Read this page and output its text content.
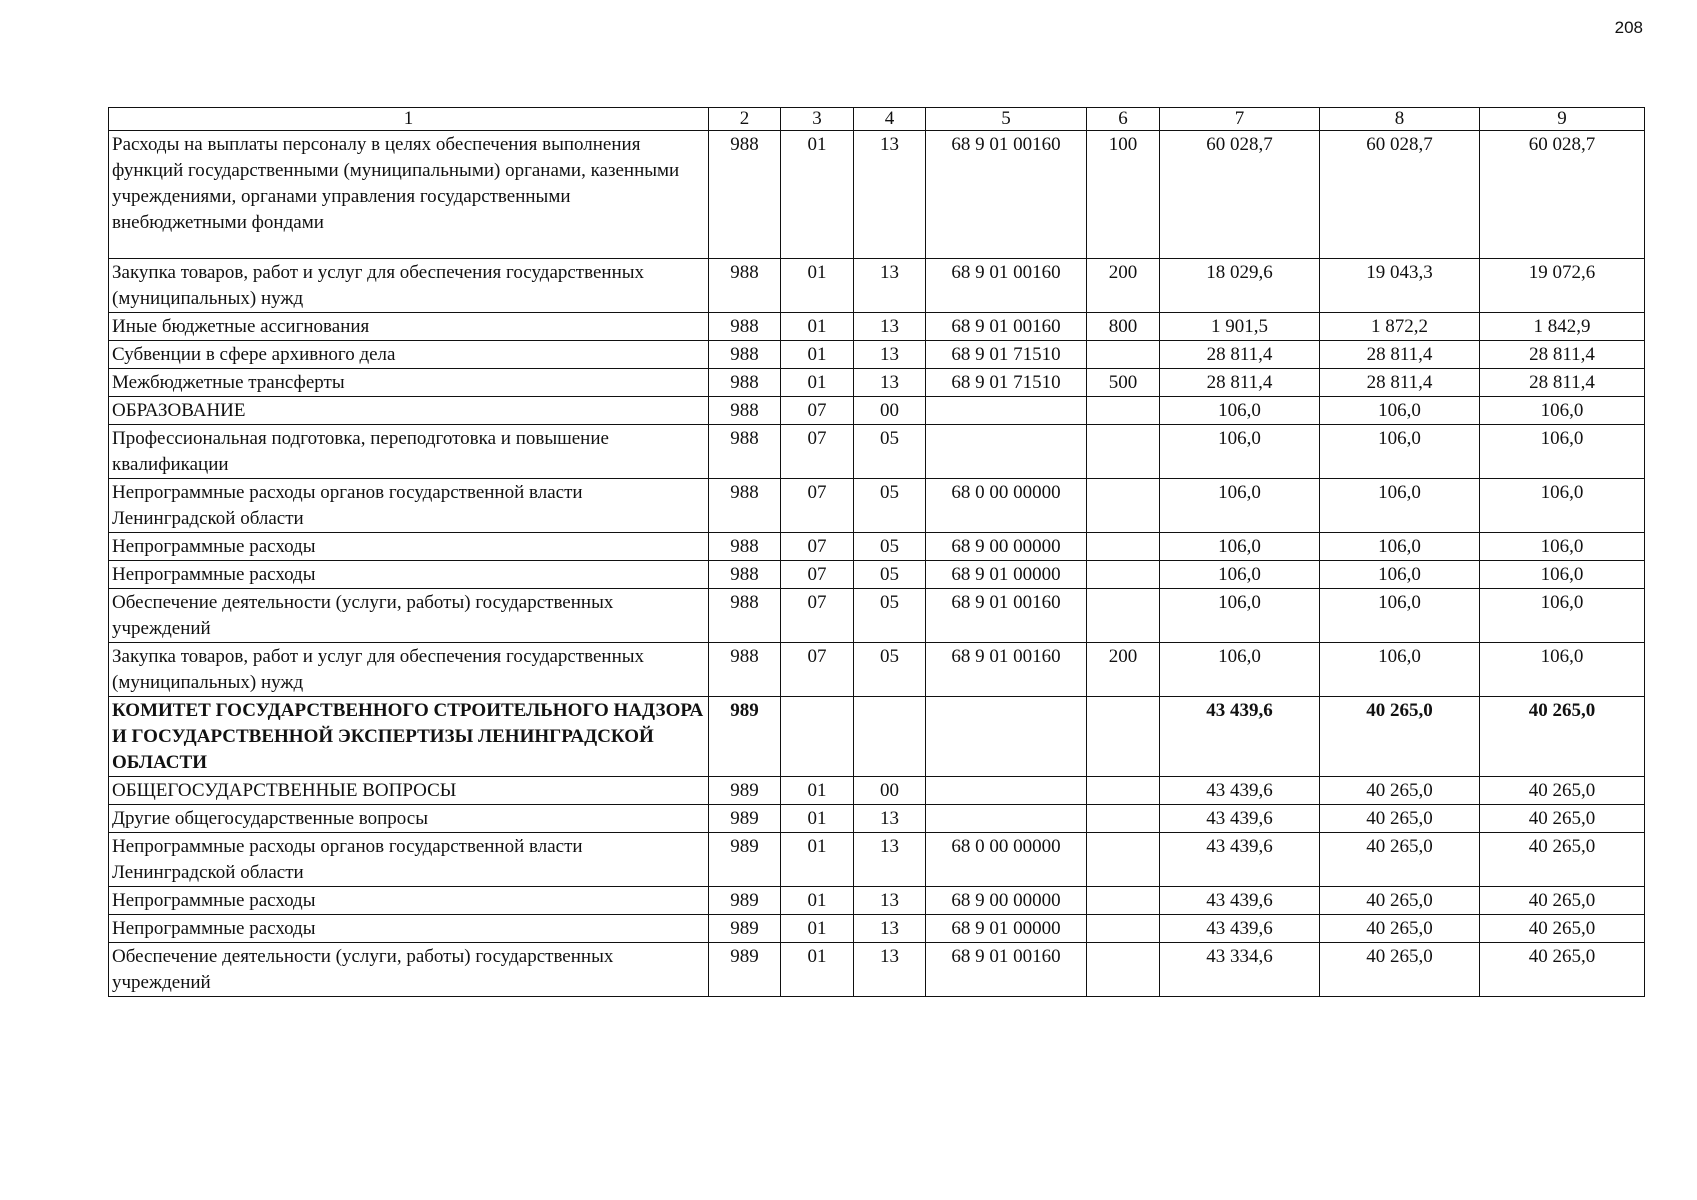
208
1	2	3	4	5	6	7	8	9
Расходы на выплаты персоналу в целях обеспечения выполнения функций государственными (муниципальными) органами, казенными учреждениями, органами управления государственными внебюджетными фондами	988	01	13	68 9 01 00160	100	60 028,7	60 028,7	60 028,7
Закупка товаров, работ и услуг для обеспечения государственных (муниципальных) нужд	988	01	13	68 9 01 00160	200	18 029,6	19 043,3	19 072,6
Иные бюджетные ассигнования	988	01	13	68 9 01 00160	800	1 901,5	1 872,2	1 842,9
Субвенции в сфере архивного дела	988	01	13	68 9 01 71510		28 811,4	28 811,4	28 811,4
Межбюджетные трансферты	988	01	13	68 9 01 71510	500	28 811,4	28 811,4	28 811,4
ОБРАЗОВАНИЕ	988	07	00			106,0	106,0	106,0
Профессиональная подготовка, переподготовка и повышение квалификации	988	07	05			106,0	106,0	106,0
Непрограммные расходы органов государственной власти Ленинградской области	988	07	05	68 0 00 00000		106,0	106,0	106,0
Непрограммные расходы	988	07	05	68 9 00 00000		106,0	106,0	106,0
Непрограммные расходы	988	07	05	68 9 01 00000		106,0	106,0	106,0
Обеспечение деятельности (услуги, работы) государственных учреждений	988	07	05	68 9 01 00160		106,0	106,0	106,0
Закупка товаров, работ и услуг для обеспечения государственных (муниципальных) нужд	988	07	05	68 9 01 00160	200	106,0	106,0	106,0
КОМИТЕТ ГОСУДАРСТВЕННОГО СТРОИТЕЛЬНОГО НАДЗОРА И ГОСУДАРСТВЕННОЙ ЭКСПЕРТИЗЫ ЛЕНИНГРАДСКОЙ ОБЛАСТИ	989					43 439,6	40 265,0	40 265,0
ОБЩЕГОСУДАРСТВЕННЫЕ ВОПРОСЫ	989	01	00			43 439,6	40 265,0	40 265,0
Другие общегосударственные вопросы	989	01	13			43 439,6	40 265,0	40 265,0
Непрограммные расходы органов государственной власти Ленинградской области	989	01	13	68 0 00 00000		43 439,6	40 265,0	40 265,0
Непрограммные расходы	989	01	13	68 9 00 00000		43 439,6	40 265,0	40 265,0
Непрограммные расходы	989	01	13	68 9 01 00000		43 439,6	40 265,0	40 265,0
Обеспечение деятельности (услуги, работы) государственных учреждений	989	01	13	68 9 01 00160		43 334,6	40 265,0	40 265,0
